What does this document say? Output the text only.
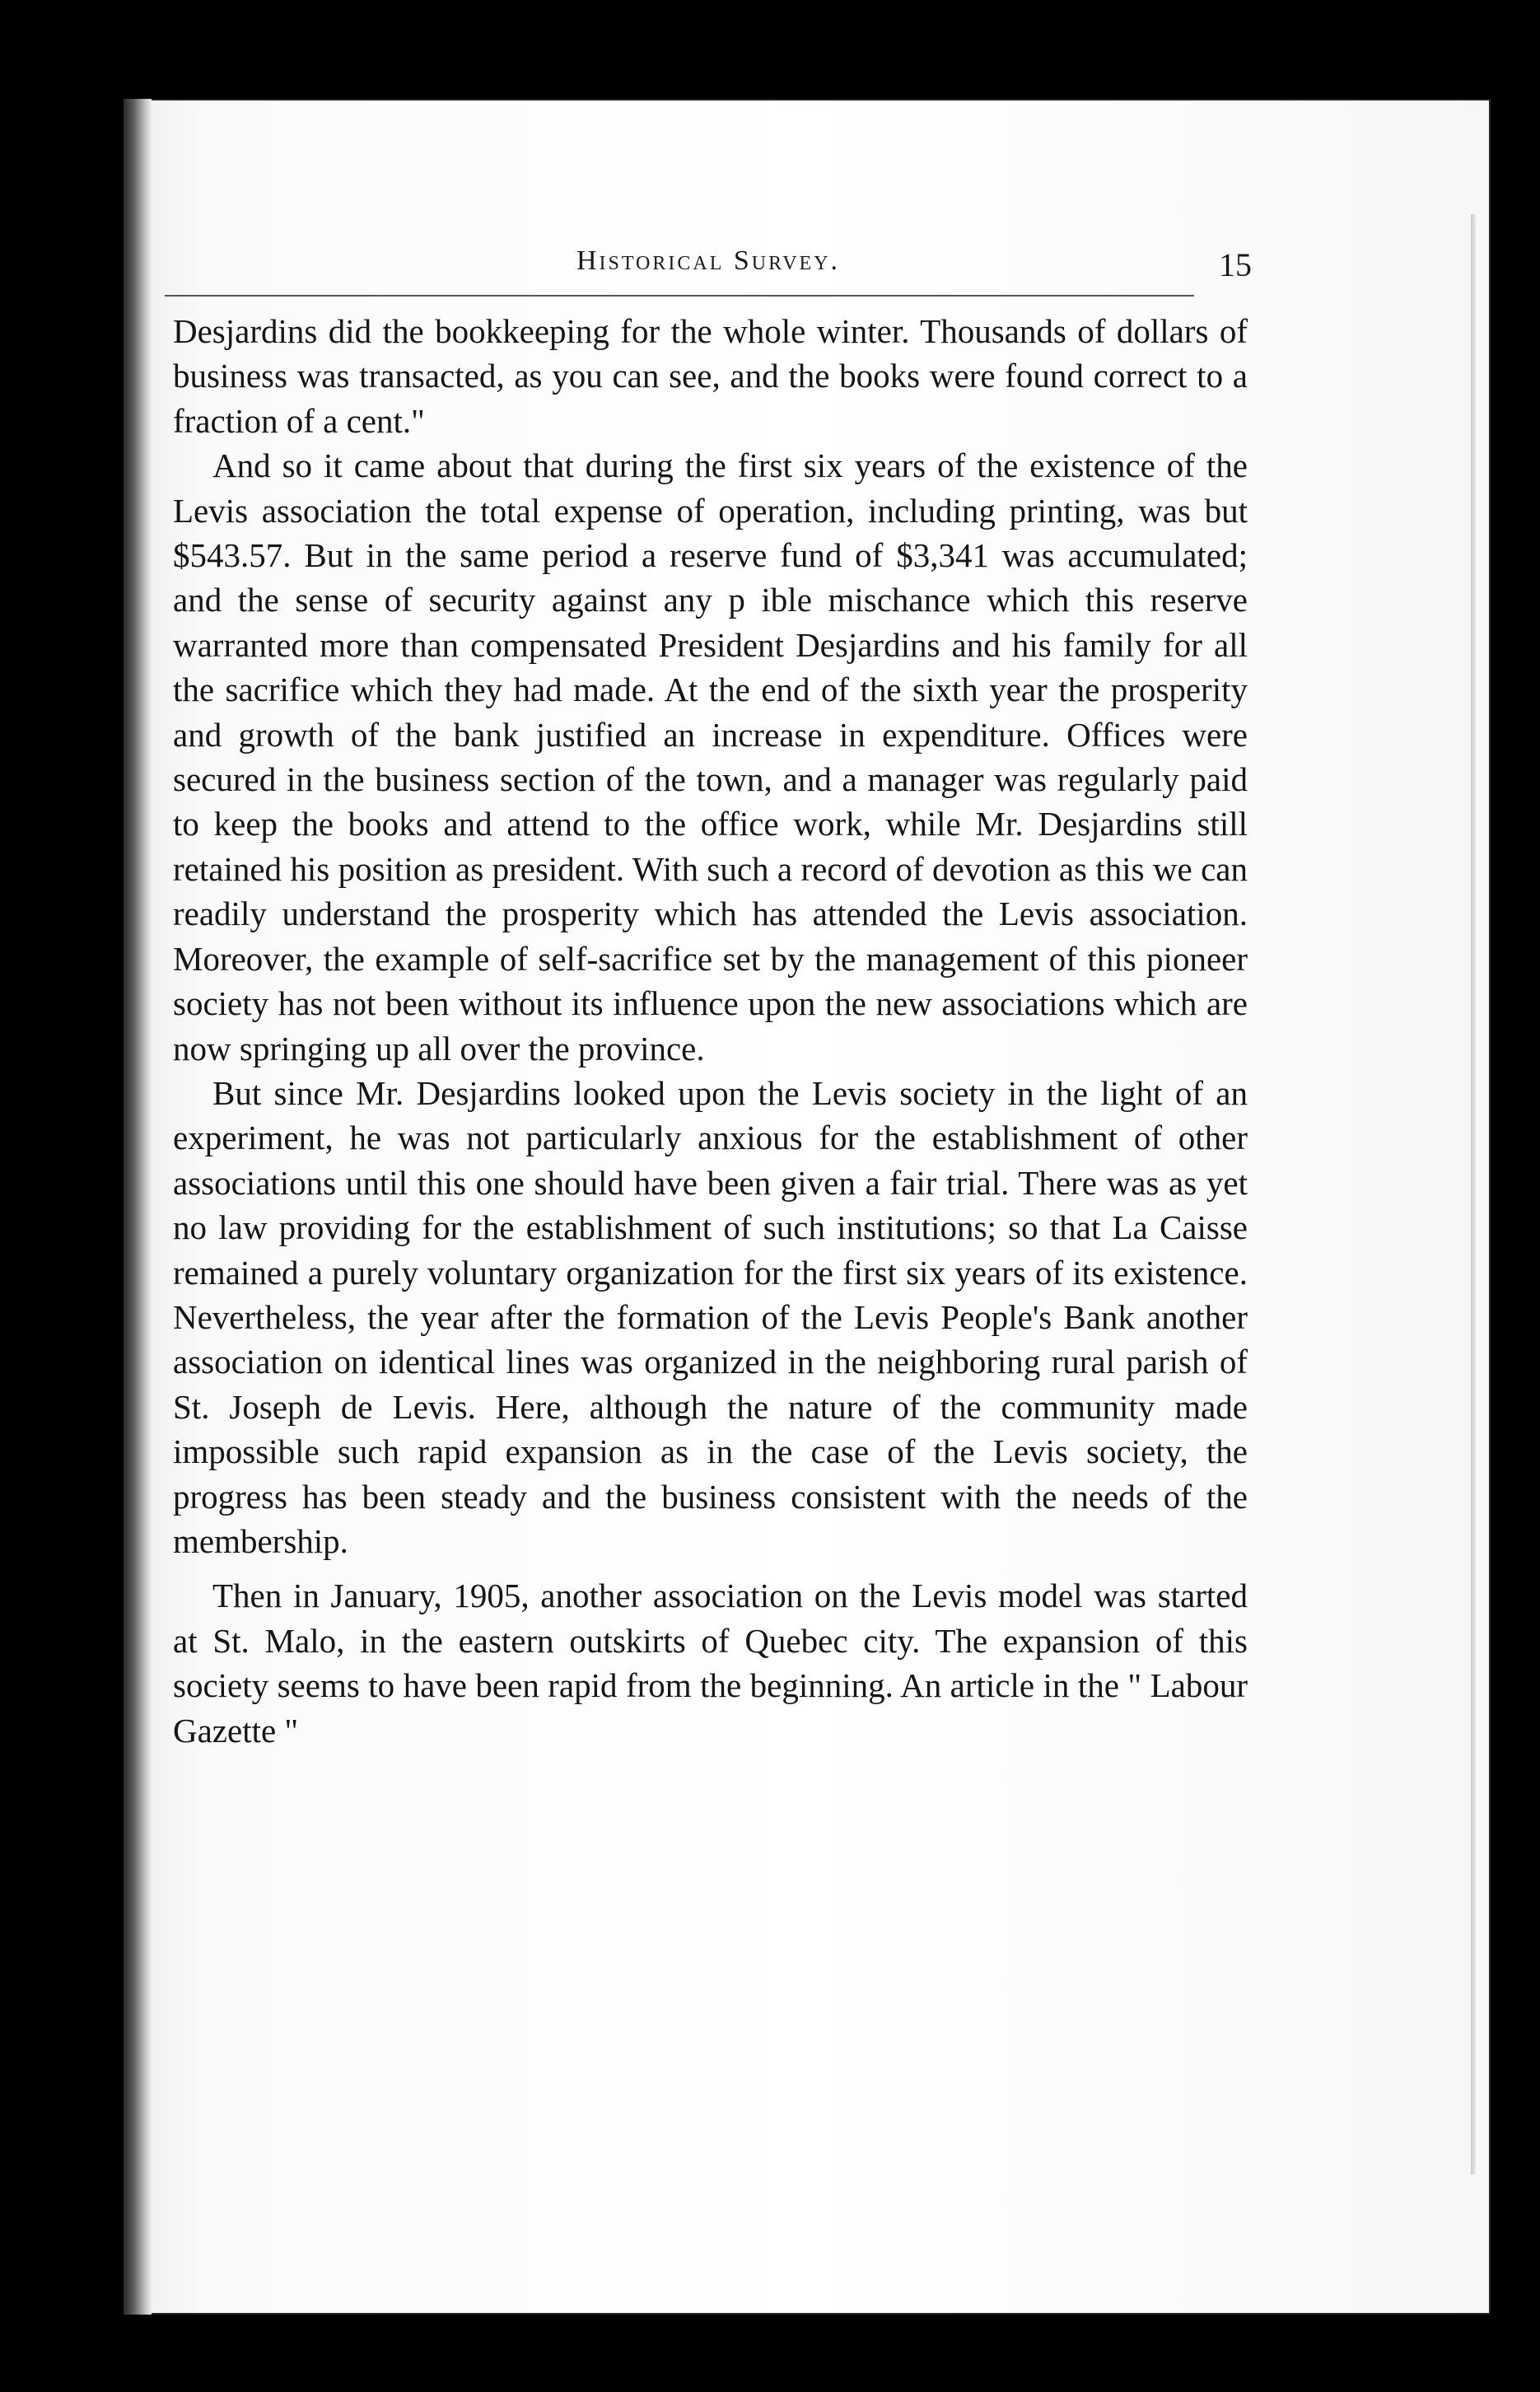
Historical Survey.	15

Desjardins did the bookkeeping for the whole winter. Thousands of dollars of business was transacted, as you can see, and the books were found correct to a fraction of a cent."

And so it came about that during the first six years of the existence of the Levis association the total expense of operation, including printing, was but $543.57. But in the same period a reserve fund of $3,341 was accumulated; and the sense of security against any p ible mischance which this reserve warranted more than compensated President Desjardins and his family for all the sacrifice which they had made. At the end of the sixth year the prosperity and growth of the bank justified an increase in expenditure. Offices were secured in the business section of the town, and a manager was regularly paid to keep the books and attend to the office work, while Mr. Desjardins still retained his position as president. With such a record of devotion as this we can readily understand the prosperity which has attended the Levis association. Moreover, the example of self-sacrifice set by the management of this pioneer society has not been without its influence upon the new associations which are now springing up all over the province.

But since Mr. Desjardins looked upon the Levis society in the light of an experiment, he was not particularly anxious for the establishment of other associations until this one should have been given a fair trial. There was as yet no law providing for the establishment of such institutions; so that La Caisse remained a purely voluntary organization for the first six years of its existence. Nevertheless, the year after the formation of the Levis People's Bank another association on identical lines was organized in the neighboring rural parish of St. Joseph de Levis. Here, although the nature of the community made impossible such rapid expansion as in the case of the Levis society, the progress has been steady and the business consistent with the needs of the membership.

Then in January, 1905, another association on the Levis model was started at St. Malo, in the eastern outskirts of Quebec city. The expansion of this society seems to have been rapid from the beginning. An article in the " Labour Gazette "
